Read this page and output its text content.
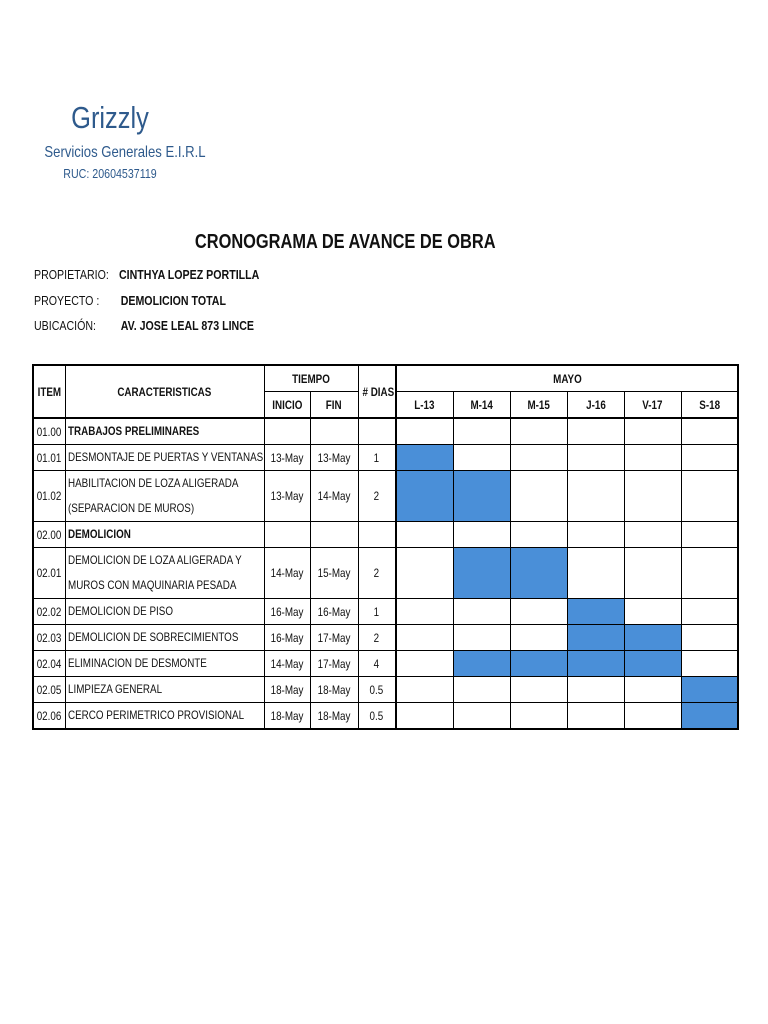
Grizzly
Servicios Generales E.I.R.L
RUC: 20604537119
CRONOGRAMA DE AVANCE DE OBRA
PROPIETARIO: CINTHYA LOPEZ PORTILLA
PROYECTO : DEMOLICION TOTAL
UBICACIÓN: AV. JOSE LEAL 873 LINCE
ITEM	CARACTERISTICAS	TIEMPO		# DIAS	MAYO					
		INICIO	FIN		L-13	M-14	M-15	J-16	V-17	S-18
01.00	TRABAJOS PRELIMINARES									
01.01	DESMONTAJE DE PUERTAS Y VENTANAS	13-May	13-May	1						
01.02	HABILITACION DE LOZA ALIGERADA (SEPARACION DE MUROS)	13-May	14-May	2						
02.00	DEMOLICION									
02.01	DEMOLICION DE LOZA ALIGERADA Y MUROS CON MAQUINARIA PESADA	14-May	15-May	2						
02.02	DEMOLICION DE PISO	16-May	16-May	1						
02.03	DEMOLICION DE SOBRECIMIENTOS	16-May	17-May	2						
02.04	ELIMINACION DE DESMONTE	14-May	17-May	4						
02.05	LIMPIEZA GENERAL	18-May	18-May	0.5						
02.06	CERCO PERIMETRICO PROVISIONAL	18-May	18-May	0.5						
